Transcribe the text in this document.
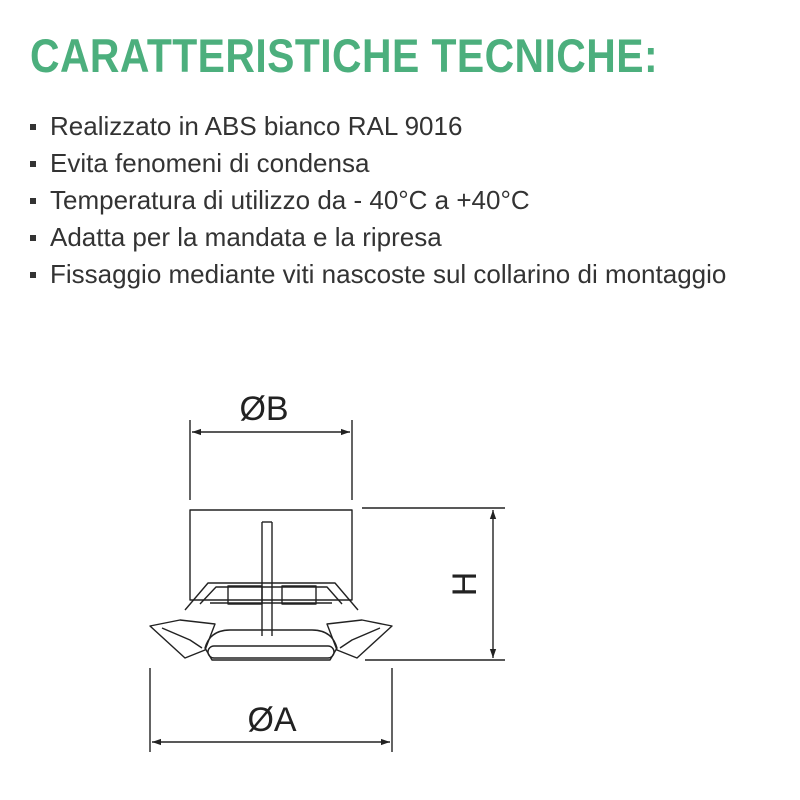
CARATTERISTICHE TECNICHE:
Realizzato in ABS bianco RAL 9016
Evita fenomeni di condensa
Temperatura di utilizzo da - 40°C a +40°C
Adatta per la mandata e la ripresa
Fissaggio mediante viti nascoste sul collarino di montaggio
ØB
ØA
H
